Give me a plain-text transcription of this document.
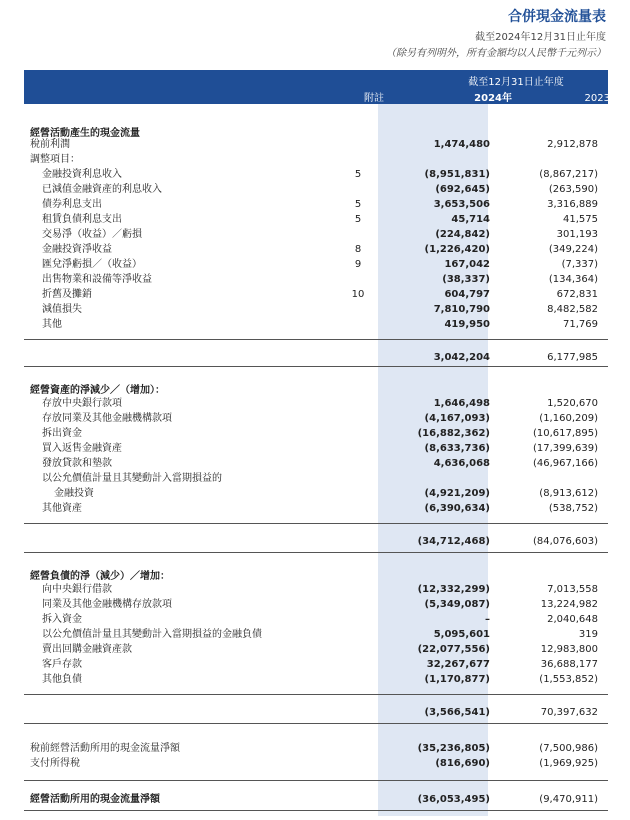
合併現金流量表
截至2024年12月31日止年度
（除另有列明外，所有金額均以人民幣千元列示）
截至12月31日止年度
附註	2024年	2023年
經營活動產生的現金流量
稅前利潤	1,474,480	2,912,878
調整項目：
金融投資利息收入	5	(8,951,831)	(8,867,217)
已減值金融資產的利息收入	(692,645)	(263,590)
債券利息支出	5	3,653,506	3,316,889
租賃負債利息支出	5	45,714	41,575
交易淨（收益）／虧損	(224,842)	301,193
金融投資淨收益	8	(1,226,420)	(349,224)
匯兌淨虧損／（收益）	9	167,042	(7,337)
出售物業和設備等淨收益	(38,337)	(134,364)
折舊及攤銷	10	604,797	672,831
減值損失	7,810,790	8,482,582
其他	419,950	71,769
3,042,204	6,177,985
經營資產的淨減少／（增加）：
存放中央銀行款項	1,646,498	1,520,670
存放同業及其他金融機構款項	(4,167,093)	(1,160,209)
拆出資金	(16,882,362)	(10,617,895)
買入返售金融資產	(8,633,736)	(17,399,639)
發放貸款和墊款	4,636,068	(46,967,166)
以公允價值計量且其變動計入當期損益的
金融投資	(4,921,209)	(8,913,612)
其他資產	(6,390,634)	(538,752)
(34,712,468)	(84,076,603)
經營負債的淨（減少）／增加：
向中央銀行借款	(12,332,299)	7,013,558
同業及其他金融機構存放款項	(5,349,087)	13,224,982
拆入資金	–	2,040,648
以公允價值計量且其變動計入當期損益的金融負債	5,095,601	319
賣出回購金融資產款	(22,077,556)	12,983,800
客戶存款	32,267,677	36,688,177
其他負債	(1,170,877)	(1,553,852)
(3,566,541)	70,397,632
稅前經營活動所用的現金流量淨額	(35,236,805)	(7,500,986)
支付所得稅	(816,690)	(1,969,925)
經營活動所用的現金流量淨額	(36,053,495)	(9,470,911)
